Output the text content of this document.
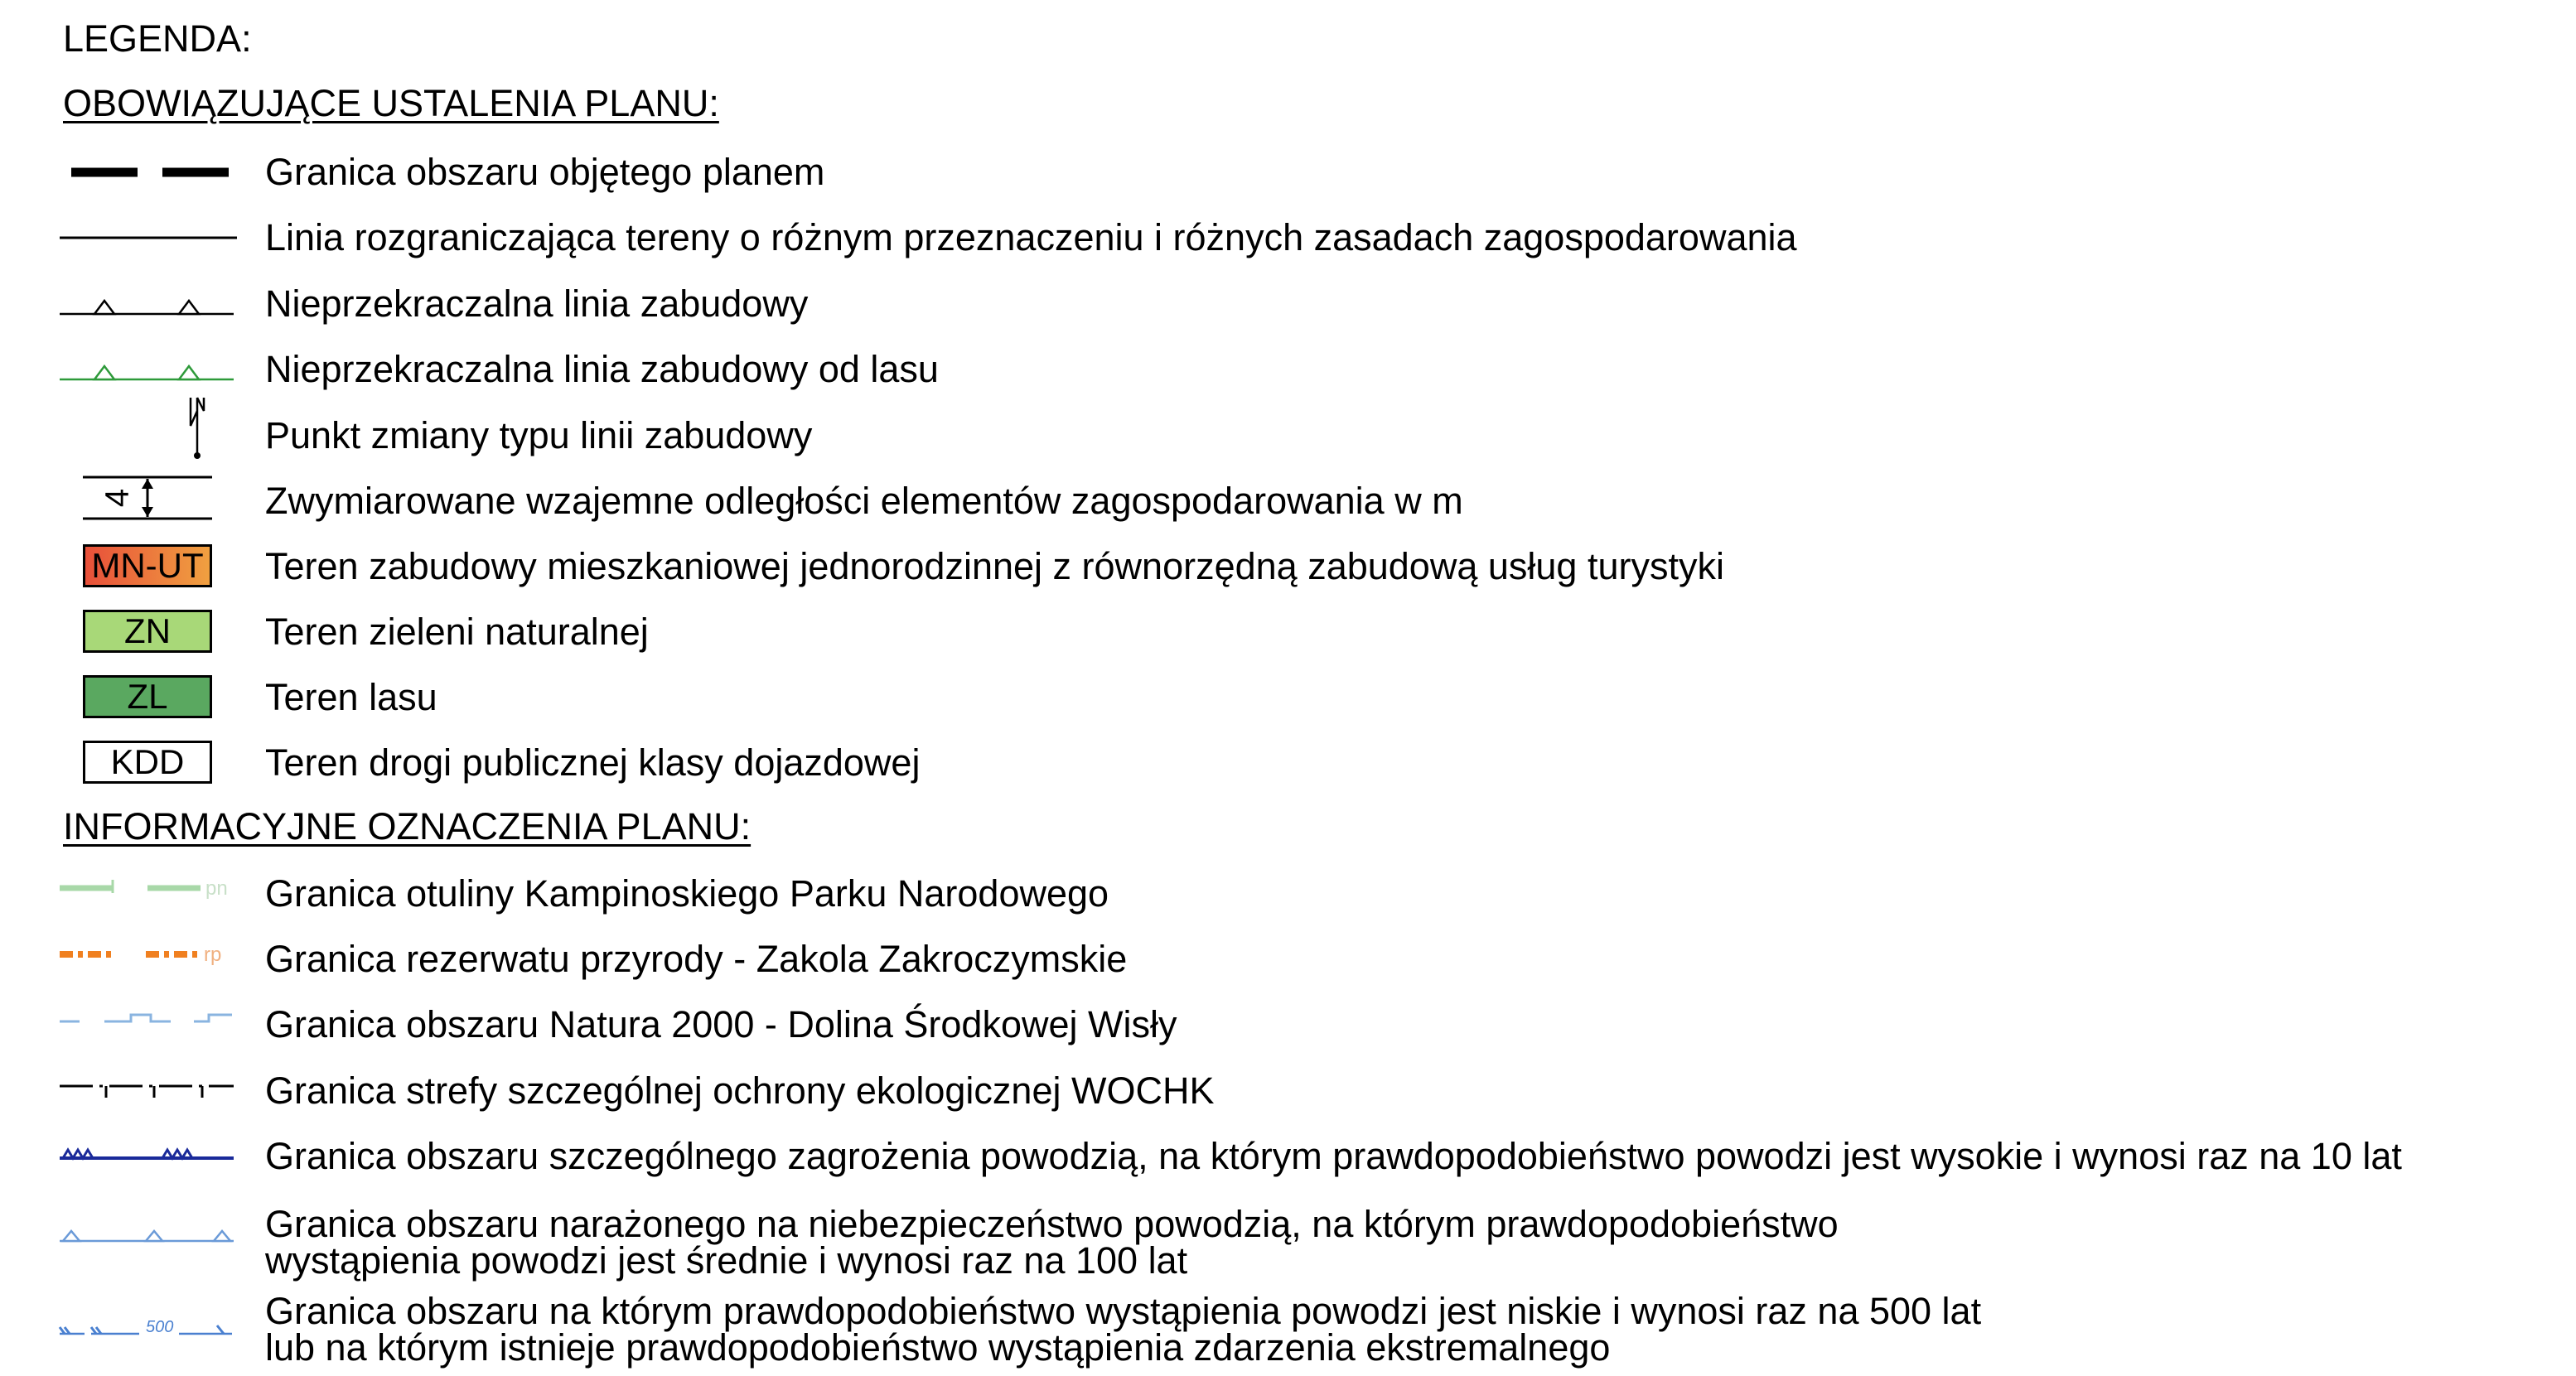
LEGENDA:
OBOWIĄZUJĄCE USTALENIA PLANU:
Granica obszaru objętego planem
Linia rozgraniczająca tereny o różnym przeznaczeniu i różnych zasadach zagospodarowania
Nieprzekraczalna linia zabudowy
Nieprzekraczalna linia zabudowy od lasu
Punkt zmiany typu linii zabudowy
4	Zwymiarowane wzajemne odległości elementów zagospodarowania w m
MN-UT Teren zabudowy mieszkaniowej jednorodzinnej z równorzędną zabudową usług turystyki
ZN	Teren zieleni naturalnej
ZL	Teren lasu
KDD	Teren drogi publicznej klasy dojazdowej
INFORMACYJNE OZNACZENIA PLANU:
pn Granica otuliny Kampinoskiego Parku Narodowego
rp Granica rezerwatu przyrody - Zakola Zakroczymskie
Granica obszaru Natura 2000 - Dolina Środkowej Wisły
Granica strefy szczególnej ochrony ekologicznej WOCHK
Granica obszaru szczególnego zagrożenia powodzią, na którym prawdopodobieństwo powodzi jest wysokie i wynosi raz na 10 lat
Granica obszaru narażonego na niebezpieczeństwo powodzią, na którym prawdopodobieństwo
wystąpienia powodzi jest średnie i wynosi raz na 100 lat
500 Granica obszaru na którym prawdopodobieństwo wystąpienia powodzi jest niskie i wynosi raz na 500 lat
lub na którym istnieje prawdopodobieństwo wystąpienia zdarzenia ekstremalnego
